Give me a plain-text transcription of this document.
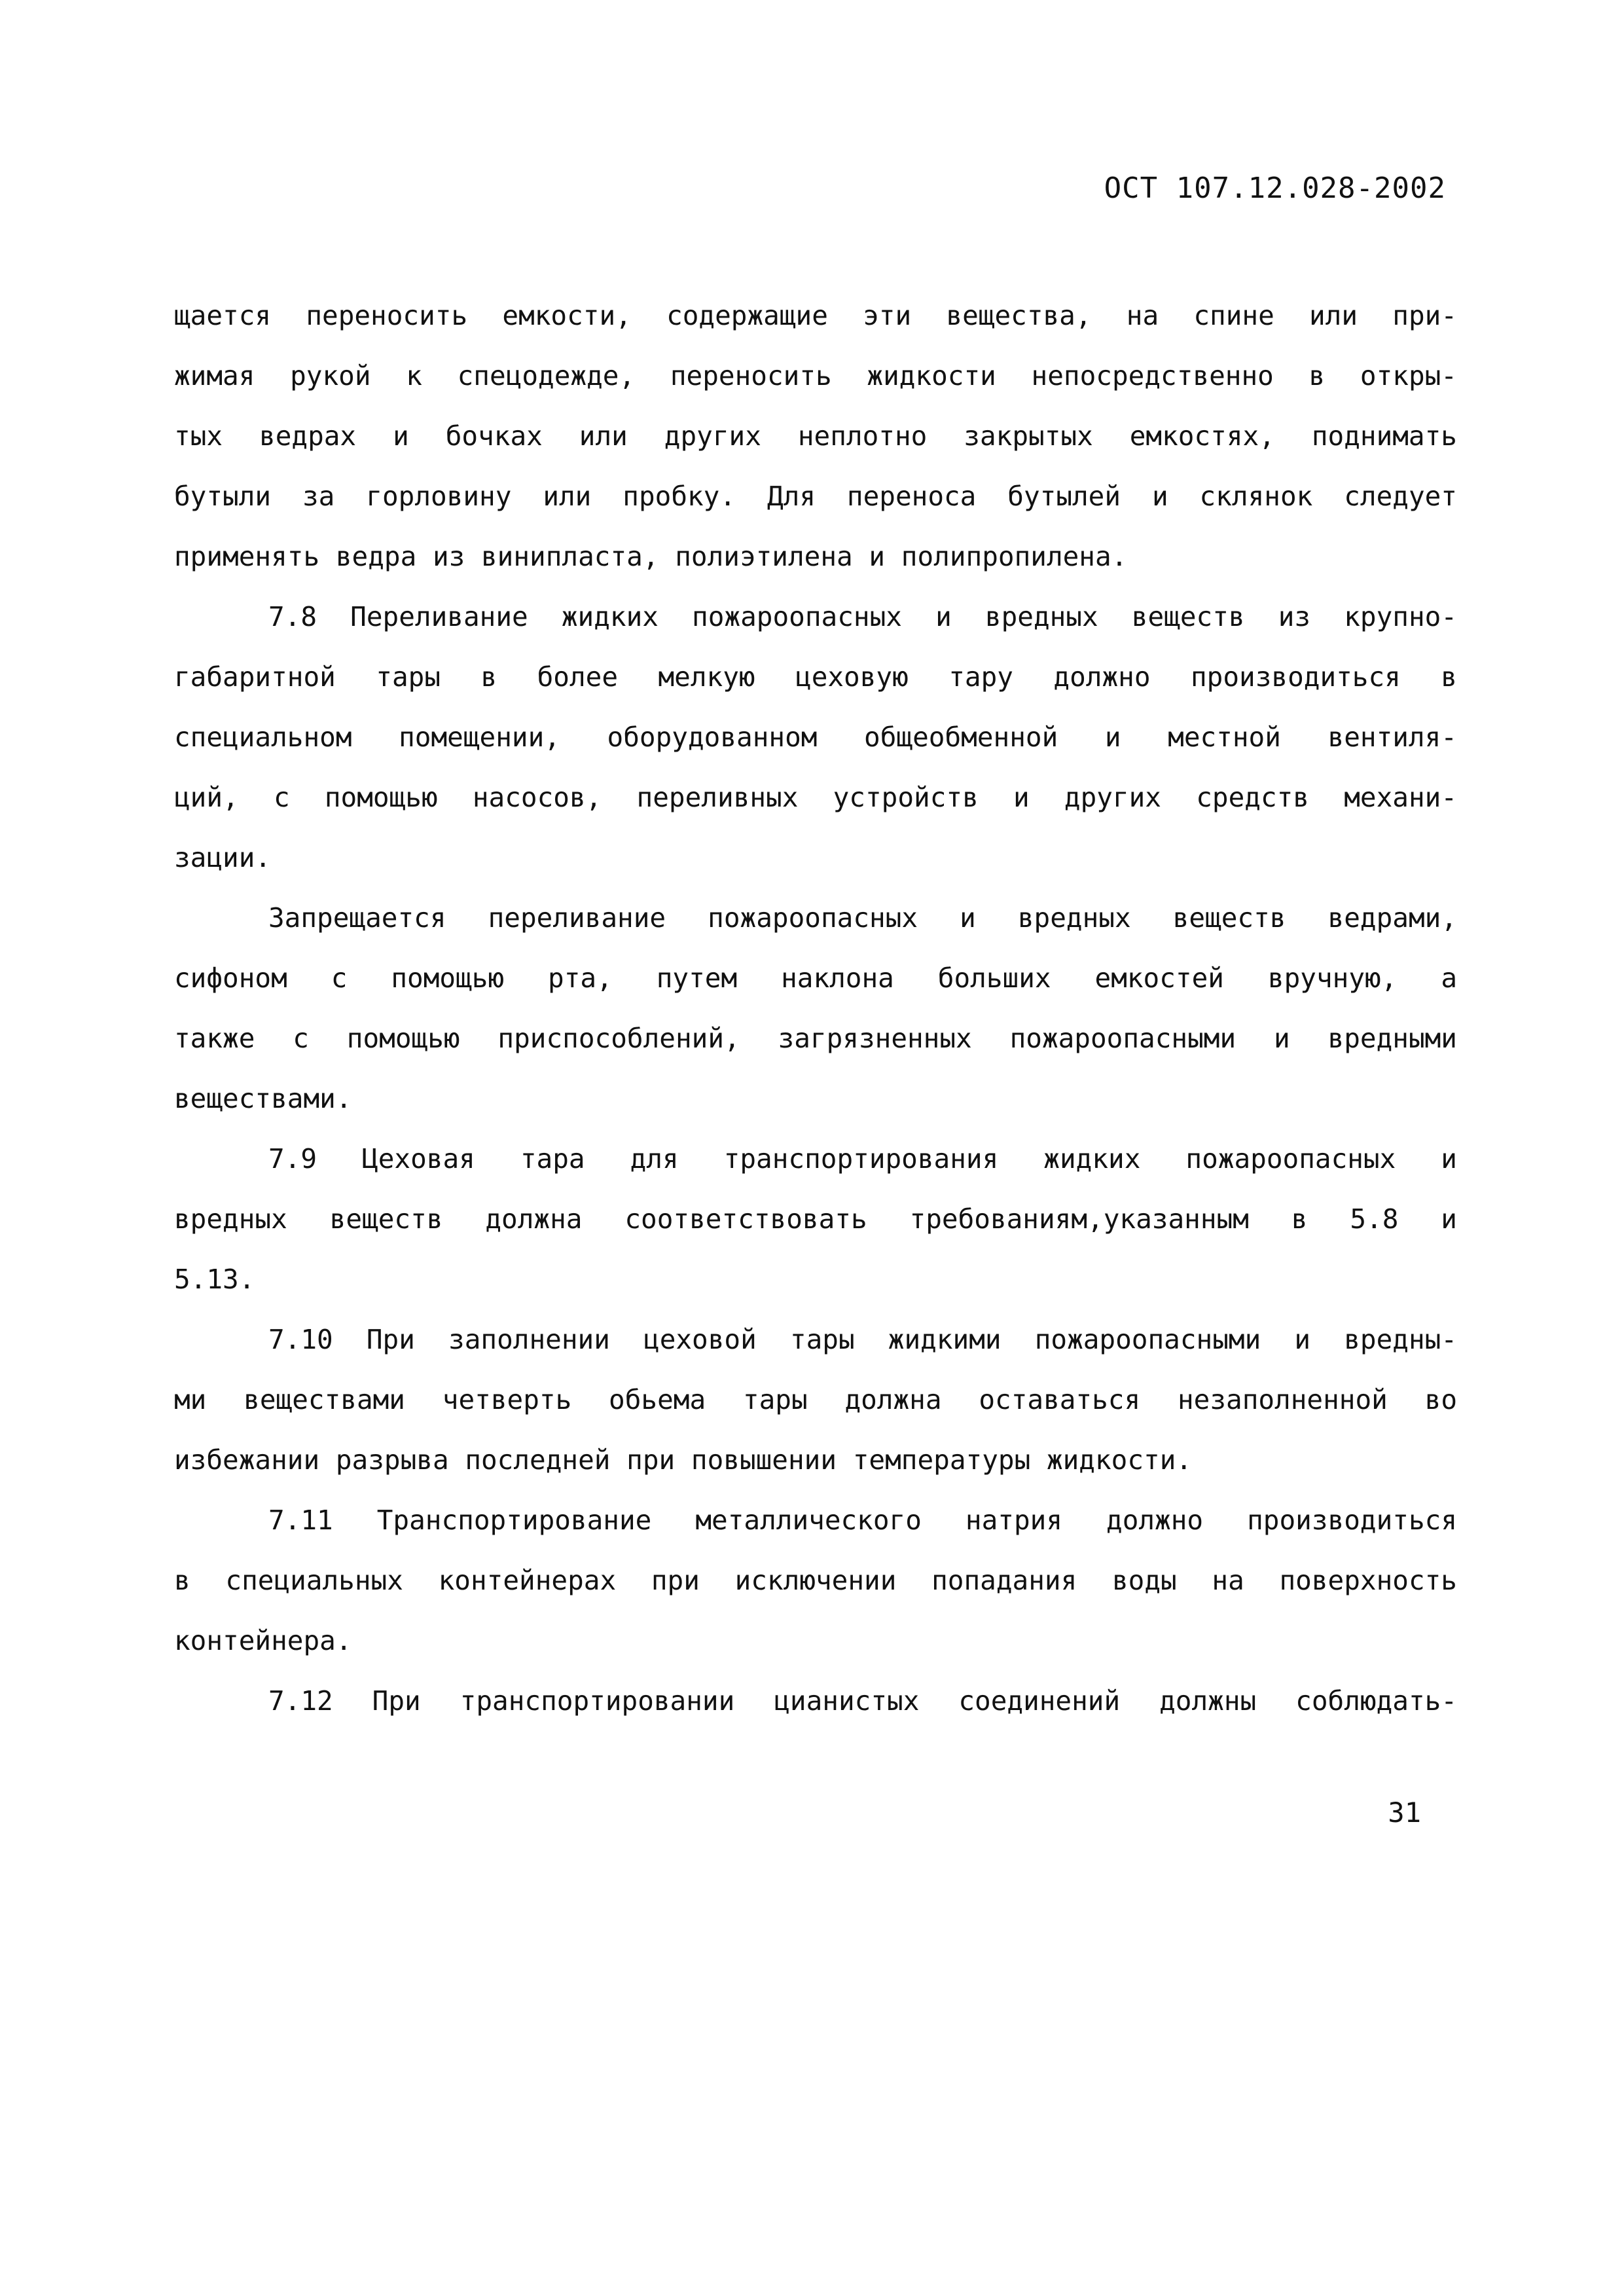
ОСТ 107.12.028-2002
щается переносить емкости, содержащие эти вещества, на спине или при-
жимая рукой к спецодежде, переносить жидкости непосредственно в откры-
тых ведрах и бочках или других неплотно закрытых емкостях, поднимать
бутыли за горловину или пробку. Для переноса бутылей и склянок следует
применять ведра из винипласта, полиэтилена и полипропилена.
7.8 Переливание жидких пожароопасных и вредных веществ из крупно-
габаритной тары в более мелкую цеховую тару должно производиться в
специальном помещении, оборудованном общеобменной и местной вентиля-
ций, с помощью насосов, переливных устройств и других средств механи-
зации.
Запрещается переливание пожароопасных и вредных веществ ведрами,
сифоном с помощью рта, путем наклона больших емкостей вручную, а
также с помощью приспособлений, загрязненных пожароопасными и вредными
веществами.
7.9 Цеховая тара для транспортирования жидких пожароопасных и
вредных веществ должна соответствовать требованиям,указанным в 5.8 и
5.13.
7.10 При заполнении цеховой тары жидкими пожароопасными и вредны-
ми веществами четверть обьема тары должна оставаться незаполненной во
избежании разрыва последней при повышении температуры жидкости.
7.11 Транспортирование металлического натрия должно производиться
в специальных контейнерах при исключении попадания воды на поверхность
контейнера.
7.12 При транспортировании цианистых соединений должны соблюдать-
31
